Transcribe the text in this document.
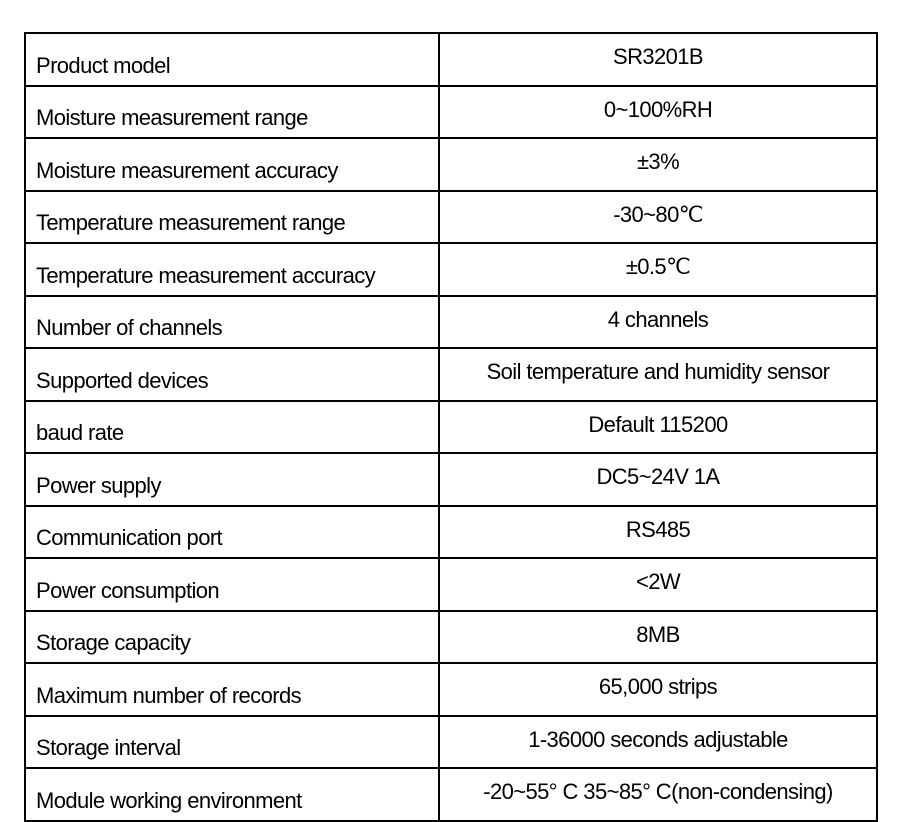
Product model	SR3201B
Moisture measurement range	0~100%RH
Moisture measurement accuracy	±3%
Temperature measurement range	-30~80℃
Temperature measurement accuracy	±0.5℃
Number of channels	4 channels
Supported devices	Soil temperature and humidity sensor
baud rate	Default 115200
Power supply	DC5~24V 1A
Communication port	RS485
Power consumption	<2W
Storage capacity	8MB
Maximum number of records	65,000 strips
Storage interval	1-36000 seconds adjustable
Module working environment	-20~55° C 35~85° C(non-condensing)
